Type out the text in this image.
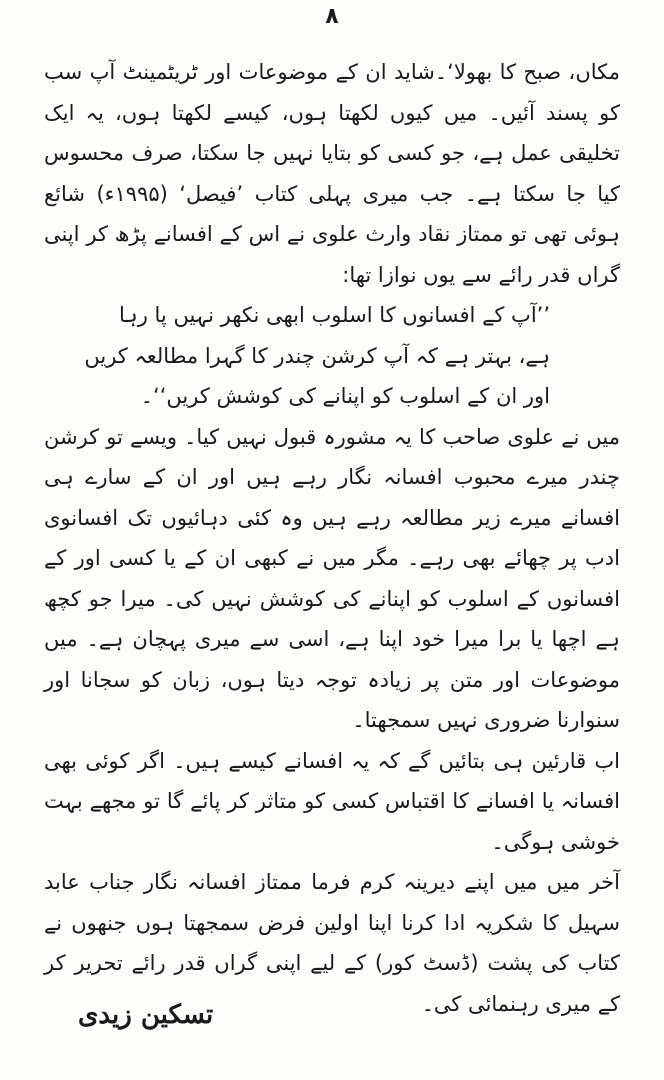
۸

مکاں، صبح کا بھولا‘۔شاید ان کے موضوعات اور ٹریٹمینٹ آپ سب کو پسند آئیں۔ میں کیوں لکھتا ہوں، کیسے لکھتا ہوں، یہ ایک تخلیقی عمل ہے، جو کسی کو بتایا نہیں جا سکتا، صرف محسوس کیا جا سکتا ہے۔ جب میری پہلی کتاب ’فیصل‘ (۱۹۹۵ء) شائع ہوئی تھی تو ممتاز نقاد وارث علوی نے اس کے افسانے پڑھ کر اپنی گراں قدر رائے سے یوں نوازا تھا:

’’آپ کے افسانوں کا اسلوب ابھی نکھر نہیں پا رہا ہے، بہتر ہے کہ آپ کرشن چندر کا گہرا مطالعہ کریں اور ان کے اسلوب کو اپنانے کی کوشش کریں‘‘۔

میں نے علوی صاحب کا یہ مشورہ قبول نہیں کیا۔ ویسے تو کرشن چندر میرے محبوب افسانہ نگار رہے ہیں اور ان کے سارے ہی افسانے میرے زیر مطالعہ رہے ہیں وہ کئی دہائیوں تک افسانوی ادب پر چھائے بھی رہے۔ مگر میں نے کبھی ان کے یا کسی اور کے افسانوں کے اسلوب کو اپنانے کی کوشش نہیں کی۔ میرا جو کچھ ہے اچھا یا برا میرا خود اپنا ہے، اسی سے میری پہچان ہے۔ میں موضوعات اور متن پر زیادہ توجہ دیتا ہوں، زبان کو سجانا اور سنوارنا ضروری نہیں سمجھتا۔

اب قارئین ہی بتائیں گے کہ یہ افسانے کیسے ہیں۔ اگر کوئی بھی افسانہ یا افسانے کا اقتباس کسی کو متاثر کر پائے گا تو مجھے بہت خوشی ہوگی۔

آخر میں میں اپنے دیرینہ کرم فرما ممتاز افسانہ نگار جناب عابد سہیل کا شکریہ ادا کرنا اپنا اولین فرض سمجھتا ہوں جنھوں نے کتاب کی پشت (ڈسٹ کور) کے لیے اپنی گراں قدر رائے تحریر کر کے میری رہنمائی کی۔

تسکین زیدی
